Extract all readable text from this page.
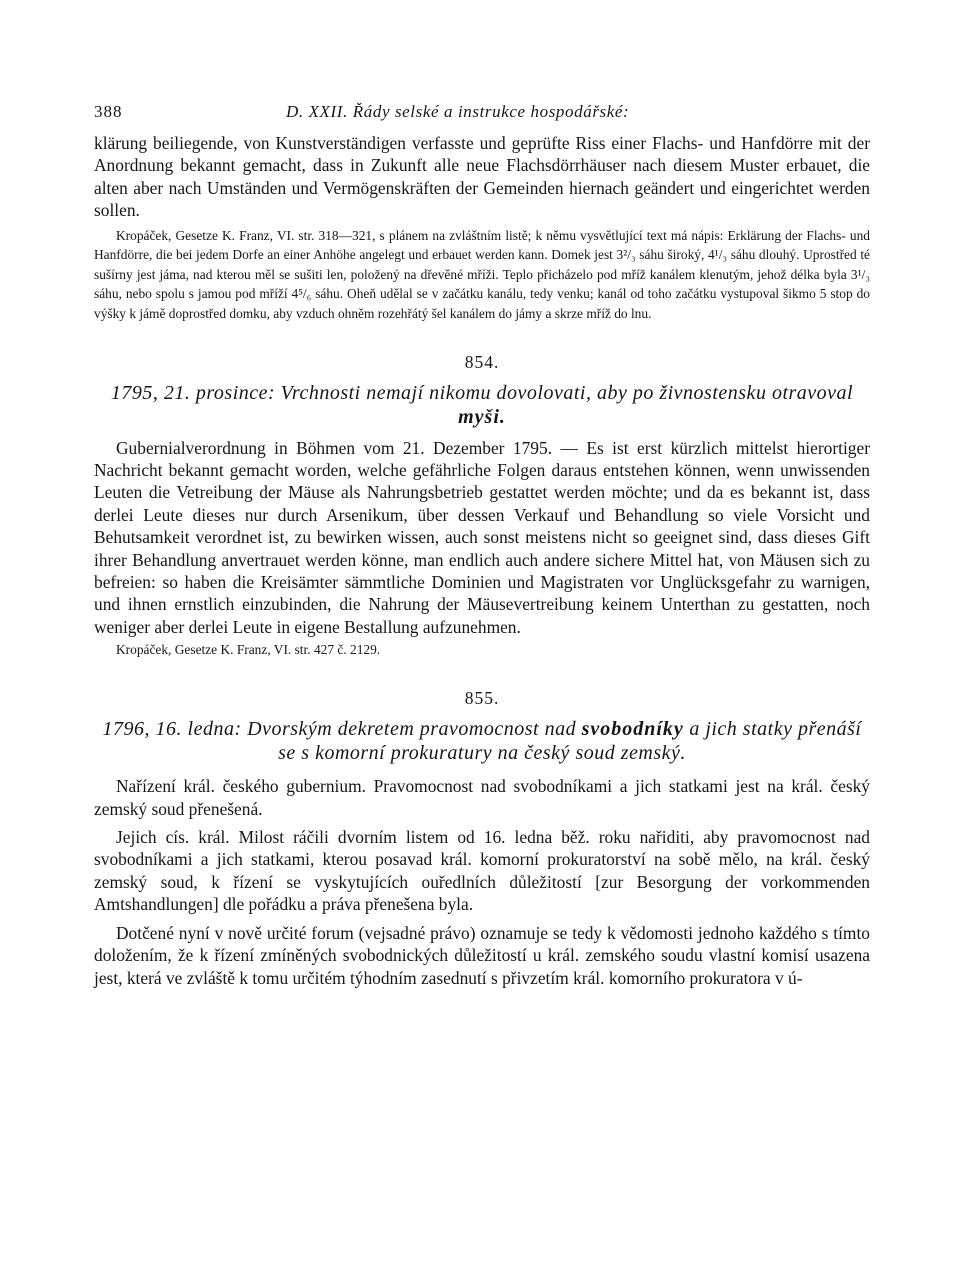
388	D. XXII. Řády selské a instrukce hospodářské:

klärung beiliegende, von Kunstverständigen verfasste und geprüfte Riss einer Flachs- und Hanfdörre mit der Anordnung bekannt gemacht, dass in Zukunft alle neue Flachsdörrhäuser nach diesem Muster erbauet, die alten aber nach Umständen und Vermögenskräften der Gemeinden hiernach geändert und eingerichtet werden sollen.

Kropáček, Gesetze K. Franz, VI. str. 318—321, s plánem na zvláštním listě; k němu vysvětlující text má nápis: Erklärung der Flachs- und Hanfdörre, die bei jedem Dorfe an einer Anhöhe angelegt und erbauet werden kann. Domek jest 3²/₃ sáhu široký, 4¹/₃ sáhu dlouhý. Uprostřed té sušírny jest jáma, nad kterou měl se sušiti len, položený na dřevěné mříži. Teplo přicházelo pod mříž kanálem klenutým, jehož délka byla 3¹/₃ sáhu, nebo spolu s jamou pod mříží 4⁵/₆ sáhu. Oheň udělal se v začátku kanálu, tedy venku; kanál od toho začátku vystupoval šikmo 5 stop do výšky k jámě doprostřed domku, aby vzduch ohněm rozehřátý šel kanálem do jámy a skrze mříž do lnu.

854.
1795, 21. prosince: Vrchnosti nemají nikomu dovolovati, aby po živnostensku otravoval myši.

Gubernialverordnung in Böhmen vom 21. Dezember 1795. — Es ist erst kürzlich mittelst hierortiger Nachricht bekannt gemacht worden, welche gefährliche Folgen daraus entstehen können, wenn unwissenden Leuten die Vetreibung der Mäuse als Nahrungsbetrieb gestattet werden möchte; und da es bekannt ist, dass derlei Leute dieses nur durch Arsenikum, über dessen Verkauf und Behandlung so viele Vorsicht und Behutsamkeit verordnet ist, zu bewirken wissen, auch sonst meistens nicht so geeignet sind, dass dieses Gift ihrer Behandlung anvertrauet werden könne, man endlich auch andere sichere Mittel hat, von Mäusen sich zu befreien: so haben die Kreisämter sämmtliche Dominien und Magistraten vor Unglücksgefahr zu warnigen, und ihnen ernstlich einzubinden, die Nahrung der Mäusevertreibung keinem Unterthan zu gestatten, noch weniger aber derlei Leute in eigene Bestallung aufzunehmen.

Kropáček, Gesetze K. Franz, VI. str. 427 č. 2129.

855.
1796, 16. ledna: Dvorským dekretem pravomocnost nad svobodníky a jich statky přenáší se s komorní prokuratury na český soud zemský.

Nařízení král. českého gubernium. Pravomocnost nad svobodníkami a jich statkami jest na král. český zemský soud přenešená.

Jejich cís. král. Milost ráčili dvorním listem od 16. ledna běž. roku nařiditi, aby pravomocnost nad svobodníkami a jich statkami, kterou posavad král. komorní prokuratorství na sobě mělo, na král. český zemský soud, k řízení se vyskytujících ouředlních důležitostí [zur Besorgung der vorkommenden Amtshandlungen] dle pořádku a práva přenešena byla.

Dotčené nyní v nově určité forum (vejsadné právo) oznamuje se tedy k vědomosti jednoho každého s tímto doložením, že k řízení zmíněných svobodnických důležitostí u král. zemského soudu vlastní komisí usazena jest, která ve zvláště k tomu určitém týhodním zasednutí s přivzetím král. komorního prokuratora v ú-
